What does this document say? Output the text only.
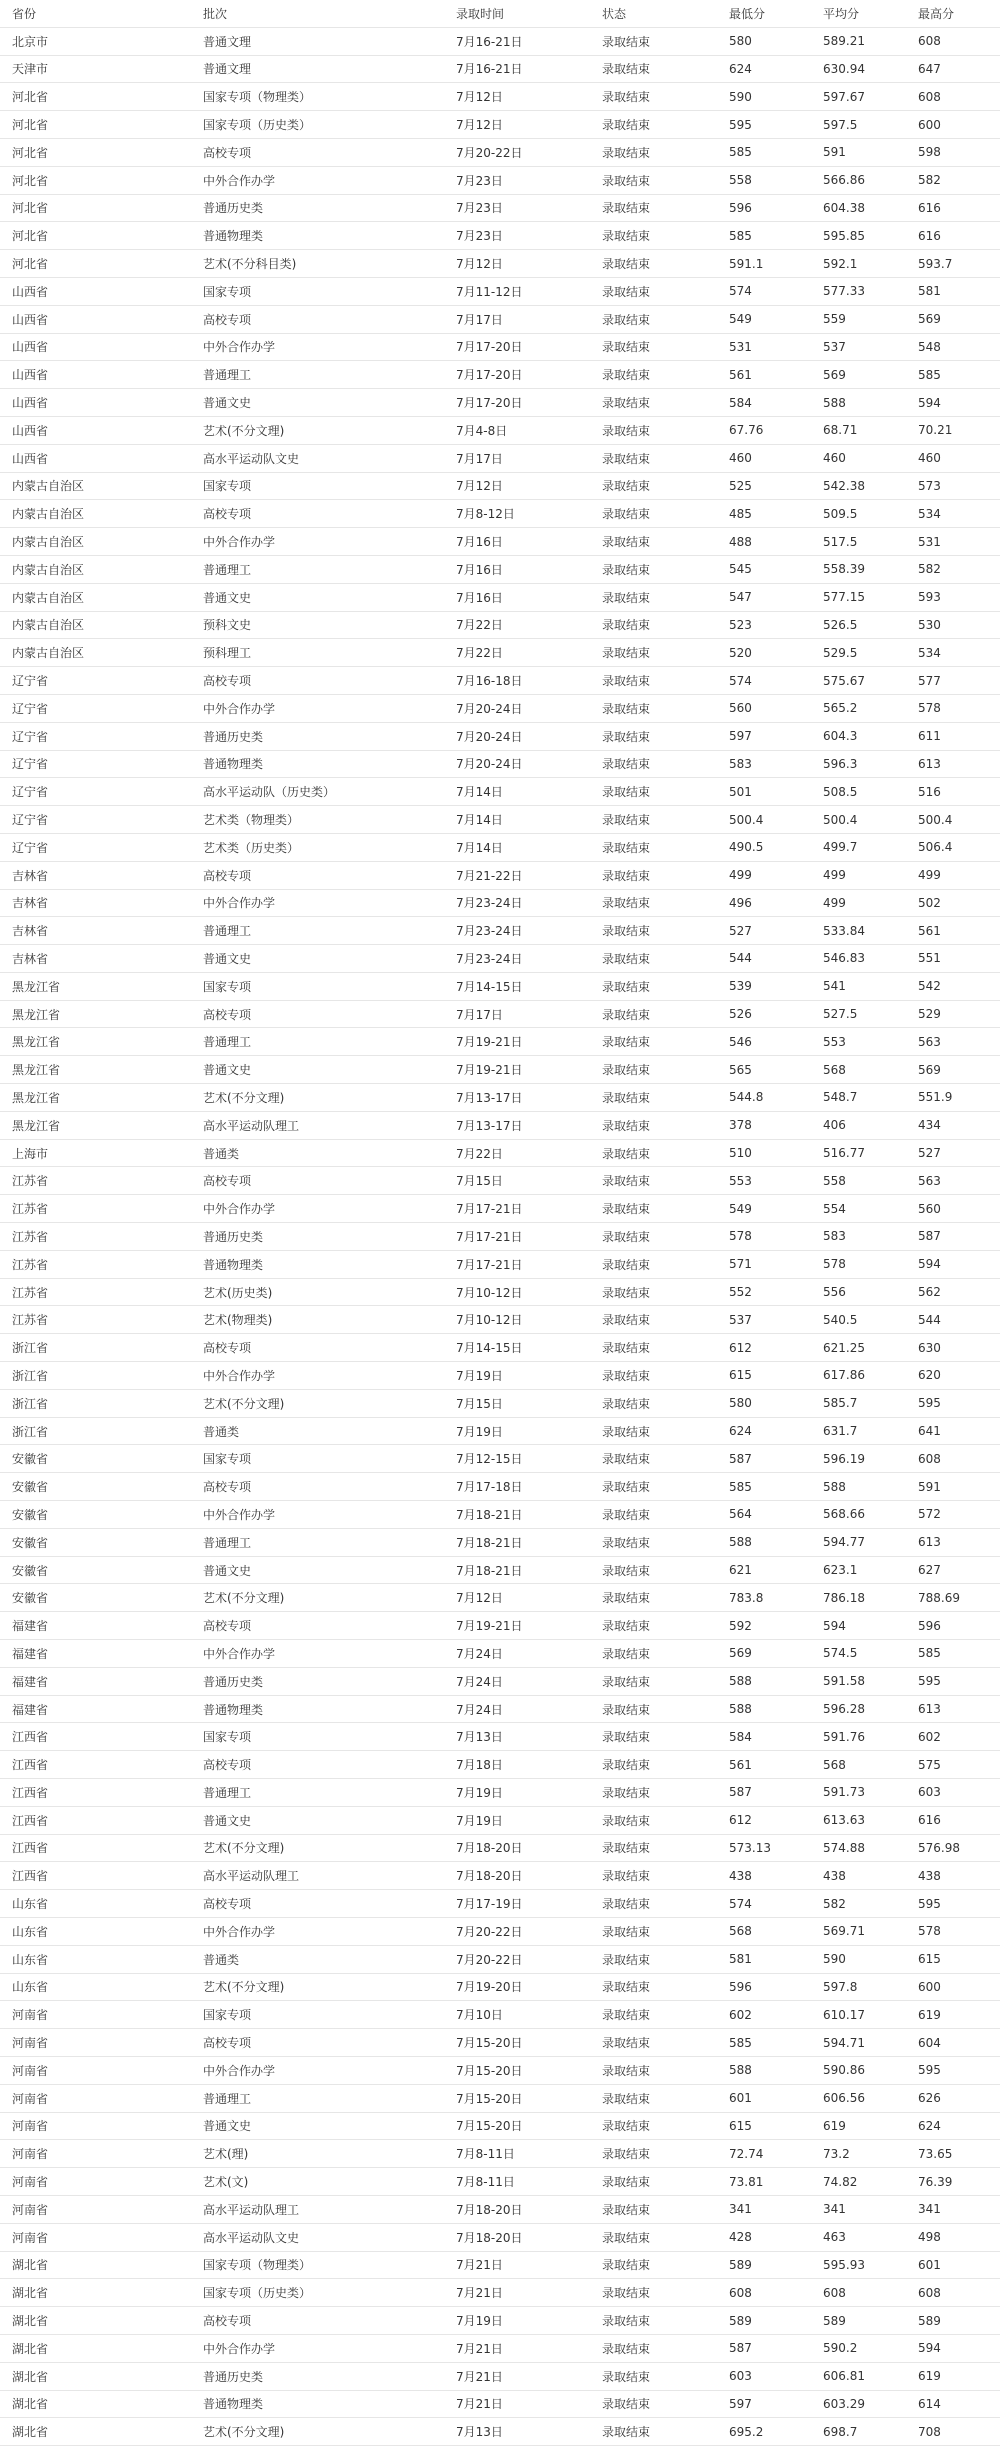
省份	批次	录取时间	状态	最低分	平均分	最高分
北京市	普通文理	7月16-21日	录取结束	580	589.21	608
天津市	普通文理	7月16-21日	录取结束	624	630.94	647
河北省	国家专项（物理类）	7月12日	录取结束	590	597.67	608
河北省	国家专项（历史类）	7月12日	录取结束	595	597.5	600
河北省	高校专项	7月20-22日	录取结束	585	591	598
河北省	中外合作办学	7月23日	录取结束	558	566.86	582
河北省	普通历史类	7月23日	录取结束	596	604.38	616
河北省	普通物理类	7月23日	录取结束	585	595.85	616
河北省	艺术(不分科目类)	7月12日	录取结束	591.1	592.1	593.7
山西省	国家专项	7月11-12日	录取结束	574	577.33	581
山西省	高校专项	7月17日	录取结束	549	559	569
山西省	中外合作办学	7月17-20日	录取结束	531	537	548
山西省	普通理工	7月17-20日	录取结束	561	569	585
山西省	普通文史	7月17-20日	录取结束	584	588	594
山西省	艺术(不分文理)	7月4-8日	录取结束	67.76	68.71	70.21
山西省	高水平运动队文史	7月17日	录取结束	460	460	460
内蒙古自治区	国家专项	7月12日	录取结束	525	542.38	573
内蒙古自治区	高校专项	7月8-12日	录取结束	485	509.5	534
内蒙古自治区	中外合作办学	7月16日	录取结束	488	517.5	531
内蒙古自治区	普通理工	7月16日	录取结束	545	558.39	582
内蒙古自治区	普通文史	7月16日	录取结束	547	577.15	593
内蒙古自治区	预科文史	7月22日	录取结束	523	526.5	530
内蒙古自治区	预科理工	7月22日	录取结束	520	529.5	534
辽宁省	高校专项	7月16-18日	录取结束	574	575.67	577
辽宁省	中外合作办学	7月20-24日	录取结束	560	565.2	578
辽宁省	普通历史类	7月20-24日	录取结束	597	604.3	611
辽宁省	普通物理类	7月20-24日	录取结束	583	596.3	613
辽宁省	高水平运动队（历史类）	7月14日	录取结束	501	508.5	516
辽宁省	艺术类（物理类）	7月14日	录取结束	500.4	500.4	500.4
辽宁省	艺术类（历史类）	7月14日	录取结束	490.5	499.7	506.4
吉林省	高校专项	7月21-22日	录取结束	499	499	499
吉林省	中外合作办学	7月23-24日	录取结束	496	499	502
吉林省	普通理工	7月23-24日	录取结束	527	533.84	561
吉林省	普通文史	7月23-24日	录取结束	544	546.83	551
黑龙江省	国家专项	7月14-15日	录取结束	539	541	542
黑龙江省	高校专项	7月17日	录取结束	526	527.5	529
黑龙江省	普通理工	7月19-21日	录取结束	546	553	563
黑龙江省	普通文史	7月19-21日	录取结束	565	568	569
黑龙江省	艺术(不分文理)	7月13-17日	录取结束	544.8	548.7	551.9
黑龙江省	高水平运动队理工	7月13-17日	录取结束	378	406	434
上海市	普通类	7月22日	录取结束	510	516.77	527
江苏省	高校专项	7月15日	录取结束	553	558	563
江苏省	中外合作办学	7月17-21日	录取结束	549	554	560
江苏省	普通历史类	7月17-21日	录取结束	578	583	587
江苏省	普通物理类	7月17-21日	录取结束	571	578	594
江苏省	艺术(历史类)	7月10-12日	录取结束	552	556	562
江苏省	艺术(物理类)	7月10-12日	录取结束	537	540.5	544
浙江省	高校专项	7月14-15日	录取结束	612	621.25	630
浙江省	中外合作办学	7月19日	录取结束	615	617.86	620
浙江省	艺术(不分文理)	7月15日	录取结束	580	585.7	595
浙江省	普通类	7月19日	录取结束	624	631.7	641
安徽省	国家专项	7月12-15日	录取结束	587	596.19	608
安徽省	高校专项	7月17-18日	录取结束	585	588	591
安徽省	中外合作办学	7月18-21日	录取结束	564	568.66	572
安徽省	普通理工	7月18-21日	录取结束	588	594.77	613
安徽省	普通文史	7月18-21日	录取结束	621	623.1	627
安徽省	艺术(不分文理)	7月12日	录取结束	783.8	786.18	788.69
福建省	高校专项	7月19-21日	录取结束	592	594	596
福建省	中外合作办学	7月24日	录取结束	569	574.5	585
福建省	普通历史类	7月24日	录取结束	588	591.58	595
福建省	普通物理类	7月24日	录取结束	588	596.28	613
江西省	国家专项	7月13日	录取结束	584	591.76	602
江西省	高校专项	7月18日	录取结束	561	568	575
江西省	普通理工	7月19日	录取结束	587	591.73	603
江西省	普通文史	7月19日	录取结束	612	613.63	616
江西省	艺术(不分文理)	7月18-20日	录取结束	573.13	574.88	576.98
江西省	高水平运动队理工	7月18-20日	录取结束	438	438	438
山东省	高校专项	7月17-19日	录取结束	574	582	595
山东省	中外合作办学	7月20-22日	录取结束	568	569.71	578
山东省	普通类	7月20-22日	录取结束	581	590	615
山东省	艺术(不分文理)	7月19-20日	录取结束	596	597.8	600
河南省	国家专项	7月10日	录取结束	602	610.17	619
河南省	高校专项	7月15-20日	录取结束	585	594.71	604
河南省	中外合作办学	7月15-20日	录取结束	588	590.86	595
河南省	普通理工	7月15-20日	录取结束	601	606.56	626
河南省	普通文史	7月15-20日	录取结束	615	619	624
河南省	艺术(理)	7月8-11日	录取结束	72.74	73.2	73.65
河南省	艺术(文)	7月8-11日	录取结束	73.81	74.82	76.39
河南省	高水平运动队理工	7月18-20日	录取结束	341	341	341
河南省	高水平运动队文史	7月18-20日	录取结束	428	463	498
湖北省	国家专项（物理类）	7月21日	录取结束	589	595.93	601
湖北省	国家专项（历史类）	7月21日	录取结束	608	608	608
湖北省	高校专项	7月19日	录取结束	589	589	589
湖北省	中外合作办学	7月21日	录取结束	587	590.2	594
湖北省	普通历史类	7月21日	录取结束	603	606.81	619
湖北省	普通物理类	7月21日	录取结束	597	603.29	614
湖北省	艺术(不分文理)	7月13日	录取结束	695.2	698.7	708
